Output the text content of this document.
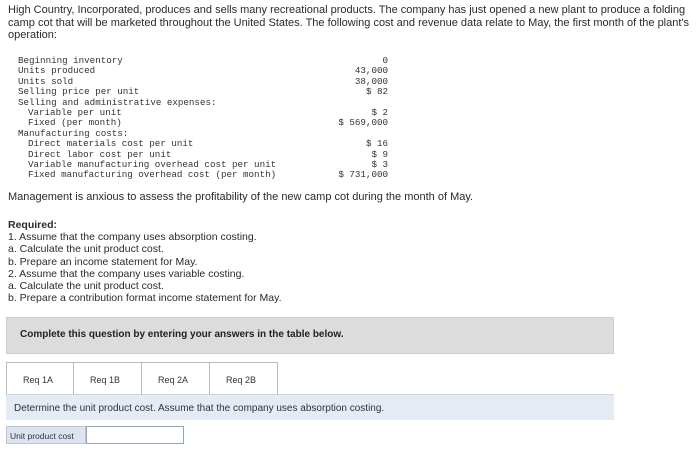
High Country, Incorporated, produces and sells many recreational products. The company has just opened a new plant to produce a folding camp cot that will be marketed throughout the United States. The following cost and revenue data relate to May, the first month of the plant's operation:
Beginning inventory	0
Units produced	43,000
Units sold	38,000
Selling price per unit	$ 82
Selling and administrative expenses:
Variable per unit	$ 2
Fixed (per month)	$ 569,000
Manufacturing costs:
Direct materials cost per unit	$ 16
Direct labor cost per unit	$ 9
Variable manufacturing overhead cost per unit	$ 3
Fixed manufacturing overhead cost (per month)	$ 731,000
Management is anxious to assess the profitability of the new camp cot during the month of May.
Required:
1. Assume that the company uses absorption costing.
a. Calculate the unit product cost.
b. Prepare an income statement for May.
2. Assume that the company uses variable costing.
a. Calculate the unit product cost.
b. Prepare a contribution format income statement for May.
Complete this question by entering your answers in the table below.
Req 1A	Req 1B	Req 2A	Req 2B
Determine the unit product cost. Assume that the company uses absorption costing.
Unit product cost
